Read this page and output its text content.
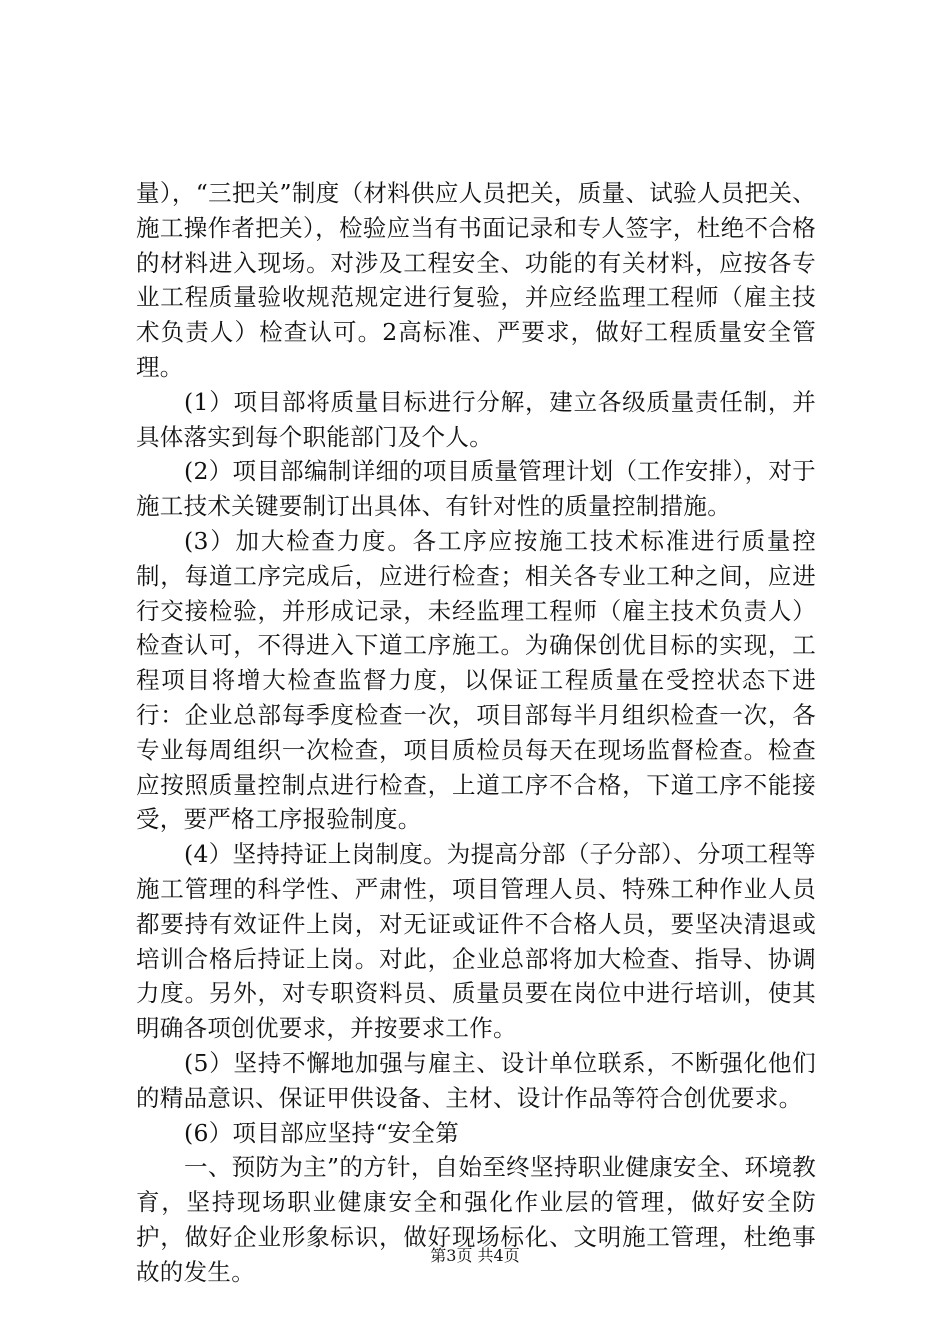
量），“三把关”制度（材料供应人员把关，质量、试验人员把关、施工操作者把关），检验应当有书面记录和专人签字，杜绝不合格的材料进入现场。对涉及工程安全、功能的有关材料，应按各专业工程质量验收规范规定进行复验，并应经监理工程师（雇主技术负责人）检查认可。2高标准、严要求，做好工程质量安全管理。

(1）项目部将质量目标进行分解，建立各级质量责任制，并具体落实到每个职能部门及个人。

(2）项目部编制详细的项目质量管理计划（工作安排），对于施工技术关键要制订出具体、有针对性的质量控制措施。

(3）加大检查力度。各工序应按施工技术标准进行质量控制，每道工序完成后，应进行检查；相关各专业工种之间，应进行交接检验，并形成记录，未经监理工程师（雇主技术负责人）检查认可，不得进入下道工序施工。为确保创优目标的实现，工程项目将增大检查监督力度，以保证工程质量在受控状态下进行：企业总部每季度检查一次，项目部每半月组织检查一次，各专业每周组织一次检查，项目质检员每天在现场监督检查。检查应按照质量控制点进行检查，上道工序不合格，下道工序不能接受，要严格工序报验制度。

(4）坚持持证上岗制度。为提高分部（子分部）、分项工程等施工管理的科学性、严肃性，项目管理人员、特殊工种作业人员都要持有效证件上岗，对无证或证件不合格人员，要坚决清退或培训合格后持证上岗。对此，企业总部将加大检查、指导、协调力度。另外，对专职资料员、质量员要在岗位中进行培训，使其明确各项创优要求，并按要求工作。

(5）坚持不懈地加强与雇主、设计单位联系，不断强化他们的精品意识、保证甲供设备、主材、设计作品等符合创优要求。

(6）项目部应坚持“安全第

一、预防为主”的方针，自始至终坚持职业健康安全、环境教育，坚持现场职业健康安全和强化作业层的管理，做好安全防护，做好企业形象标识，做好现场标化、文明施工管理，杜绝事故的发生。

第3页 共4页
